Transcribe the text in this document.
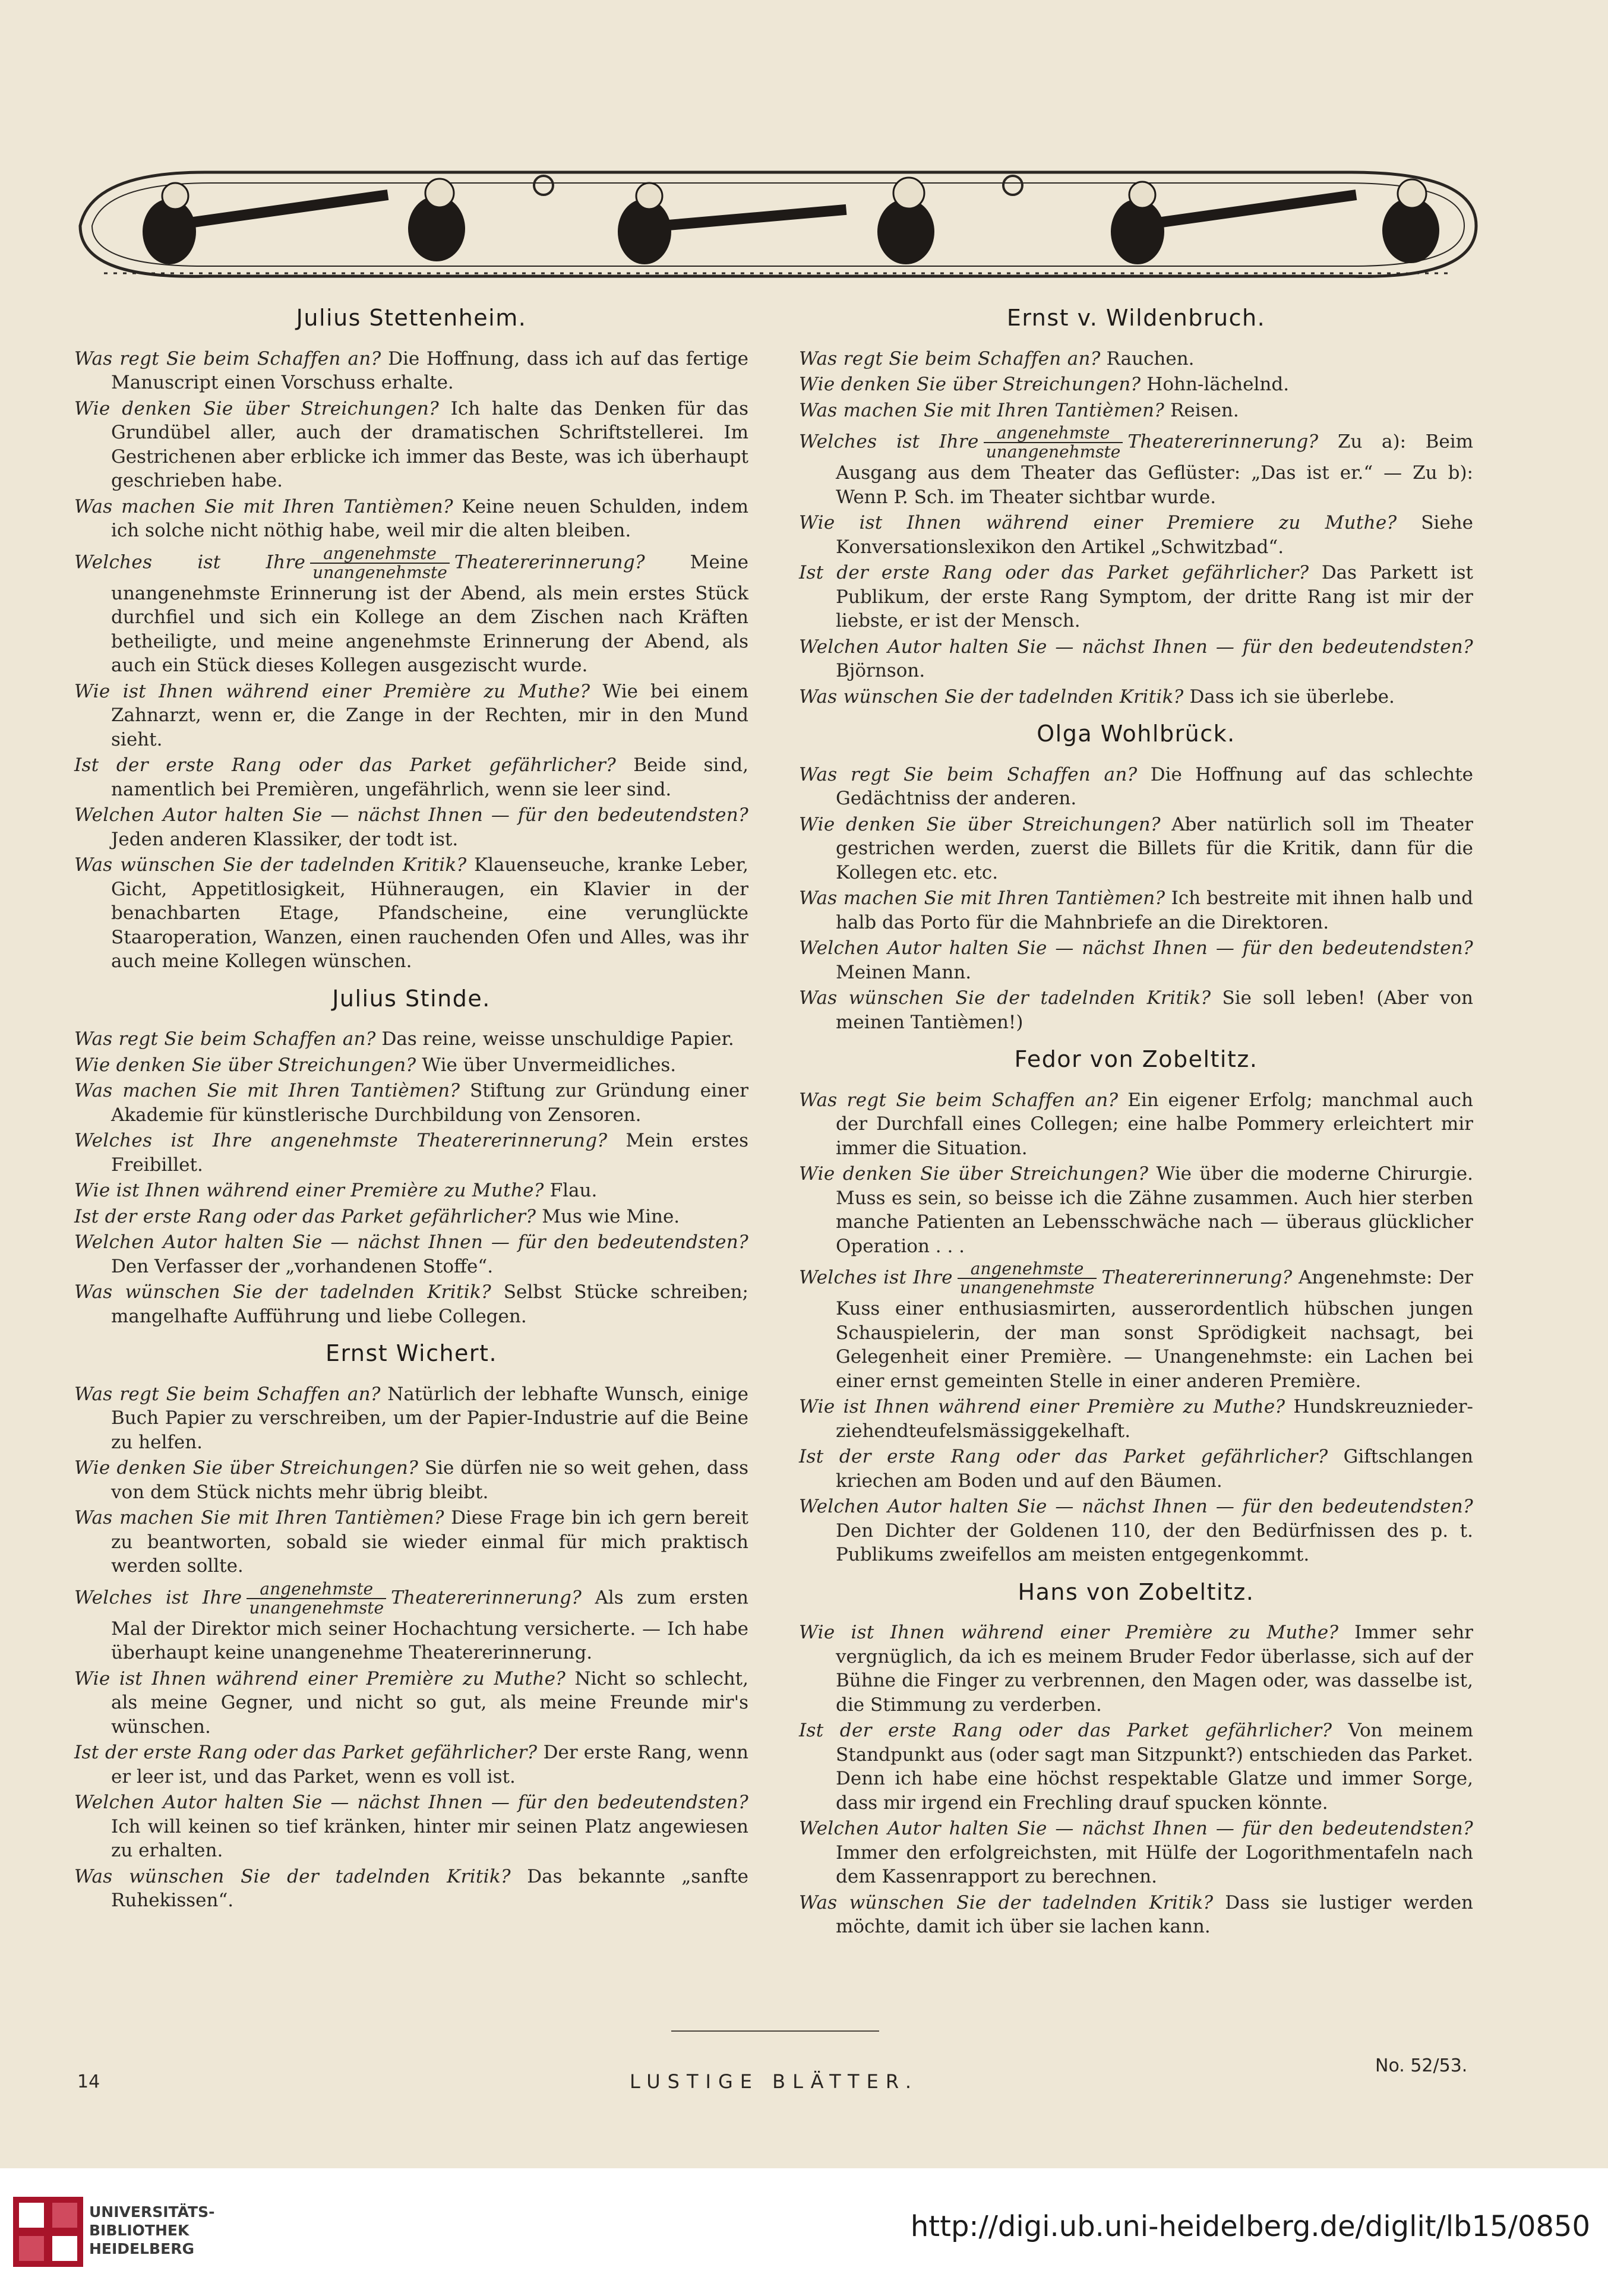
Julius Stettenheim.

Was regt Sie beim Schaffen an? Die Hoffnung, dass ich auf das fertige Manuscript einen Vorschuss erhalte.

Wie denken Sie über Streichungen? Ich halte das Denken für das Grundübel aller, auch der dramatischen Schriftstellerei. Im Gestrichenen aber erblicke ich immer das Beste, was ich überhaupt geschrieben habe.

Was machen Sie mit Ihren Tantièmen? Keine neuen Schulden, indem ich solche nicht nöthig habe, weil mir die alten bleiben.

Welches ist Ihre $\frac{\text{angenehmste}}{\text{unangenehmste}}$ Theatererinnerung? Meine unangenehmste Erinnerung ist der Abend, als mein erstes Stück durchfiel und sich ein Kollege an dem Zischen nach Kräften betheiligte, und meine angenehmste Erinnerung der Abend, als auch ein Stück dieses Kollegen ausgezischt wurde.

Wie ist Ihnen während einer Première zu Muthe? Wie bei einem Zahnarzt, wenn er, die Zange in der Rechten, mir in den Mund sieht.

Ist der erste Rang oder das Parket gefährlicher? Beide sind, namentlich bei Premièren, ungefährlich, wenn sie leer sind.

Welchen Autor halten Sie — nächst Ihnen — für den bedeutendsten? Jeden anderen Klassiker, der todt ist.

Was wünschen Sie der tadelnden Kritik? Klauenseuche, kranke Leber, Gicht, Appetitlosigkeit, Hühneraugen, ein Klavier in der benachbarten Etage, Pfandscheine, eine verunglückte Staaroperation, Wanzen, einen rauchenden Ofen und Alles, was ihr auch meine Kollegen wünschen.

Julius Stinde.

Was regt Sie beim Schaffen an? Das reine, weisse unschuldige Papier.

Wie denken Sie über Streichungen? Wie über Unvermeidliches.

Was machen Sie mit Ihren Tantièmen? Stiftung zur Gründung einer Akademie für künstlerische Durchbildung von Zensoren.

Welches ist Ihre angenehmste Theatererinnerung? Mein erstes Freibillet.

Wie ist Ihnen während einer Première zu Muthe? Flau.

Ist der erste Rang oder das Parket gefährlicher? Mus wie Mine.

Welchen Autor halten Sie — nächst Ihnen — für den bedeutendsten? Den Verfasser der „vorhandenen Stoffe“.

Was wünschen Sie der tadelnden Kritik? Selbst Stücke schreiben; mangelhafte Aufführung und liebe Collegen.

Ernst Wichert.

Was regt Sie beim Schaffen an? Natürlich der lebhafte Wunsch, einige Buch Papier zu verschreiben, um der Papier-Industrie auf die Beine zu helfen.

Wie denken Sie über Streichungen? Sie dürfen nie so weit gehen, dass von dem Stück nichts mehr übrig bleibt.

Was machen Sie mit Ihren Tantièmen? Diese Frage bin ich gern bereit zu beantworten, sobald sie wieder einmal für mich praktisch werden sollte.

Welches ist Ihre $\frac{\text{angenehmste}}{\text{unangenehmste}}$ Theatererinnerung? Als zum ersten Mal der Direktor mich seiner Hochachtung versicherte. — Ich habe überhaupt keine unangenehme Theatererinnerung.

Wie ist Ihnen während einer Première zu Muthe? Nicht so schlecht, als meine Gegner, und nicht so gut, als meine Freunde mir's wünschen.

Ist der erste Rang oder das Parket gefährlicher? Der erste Rang, wenn er leer ist, und das Parket, wenn es voll ist.

Welchen Autor halten Sie — nächst Ihnen — für den bedeutendsten? Ich will keinen so tief kränken, hinter mir seinen Platz angewiesen zu erhalten.

Was wünschen Sie der tadelnden Kritik? Das bekannte „sanfte Ruhekissen“.

Ernst v. Wildenbruch.

Was regt Sie beim Schaffen an? Rauchen.

Wie denken Sie über Streichungen? Hohn-lächelnd.

Was machen Sie mit Ihren Tantièmen? Reisen.

Welches ist Ihre $\frac{\text{angenehmste}}{\text{unangenehmste}}$ Theatererinnerung? Zu a): Beim Ausgang aus dem Theater das Geflüster: „Das ist er.“ — Zu b): Wenn P. Sch. im Theater sichtbar wurde.

Wie ist Ihnen während einer Premiere zu Muthe? Siehe Konversationslexikon den Artikel „Schwitzbad“.

Ist der erste Rang oder das Parket gefährlicher? Das Parkett ist Publikum, der erste Rang Symptom, der dritte Rang ist mir der liebste, er ist der Mensch.

Welchen Autor halten Sie — nächst Ihnen — für den bedeutendsten? Björnson.

Was wünschen Sie der tadelnden Kritik? Dass ich sie überlebe.

Olga Wohlbrück.

Was regt Sie beim Schaffen an? Die Hoffnung auf das schlechte Gedächtniss der anderen.

Wie denken Sie über Streichungen? Aber natürlich soll im Theater gestrichen werden, zuerst die Billets für die Kritik, dann für die Kollegen etc. etc.

Was machen Sie mit Ihren Tantièmen? Ich bestreite mit ihnen halb und halb das Porto für die Mahnbriefe an die Direktoren.

Welchen Autor halten Sie — nächst Ihnen — für den bedeutendsten? Meinen Mann.

Was wünschen Sie der tadelnden Kritik? Sie soll leben! (Aber von meinen Tantièmen!)

Fedor von Zobeltitz.

Was regt Sie beim Schaffen an? Ein eigener Erfolg; manchmal auch der Durchfall eines Collegen; eine halbe Pommery erleichtert mir immer die Situation.

Wie denken Sie über Streichungen? Wie über die moderne Chirurgie. Muss es sein, so beisse ich die Zähne zusammen. Auch hier sterben manche Patienten an Lebensschwäche nach — überaus glücklicher Operation . . .

Welches ist Ihre $\frac{\text{angenehmste}}{\text{unangenehmste}}$ Theatererinnerung? Angenehmste: Der Kuss einer enthusiasmirten, ausserordentlich hübschen jungen Schauspielerin, der man sonst Sprödigkeit nachsagt, bei Gelegenheit einer Première. — Unangenehmste: ein Lachen bei einer ernst gemeinten Stelle in einer anderen Première.

Wie ist Ihnen während einer Première zu Muthe? Hundskreuznieder-ziehendteufelsmässiggekelhaft.

Ist der erste Rang oder das Parket gefährlicher? Giftschlangen kriechen am Boden und auf den Bäumen.

Welchen Autor halten Sie — nächst Ihnen — für den bedeutendsten? Den Dichter der Goldenen 110, der den Bedürfnissen des p. t. Publikums zweifellos am meisten entgegenkommt.

Hans von Zobeltitz.

Wie ist Ihnen während einer Première zu Muthe? Immer sehr vergnüglich, da ich es meinem Bruder Fedor überlasse, sich auf der Bühne die Finger zu verbrennen, den Magen oder, was dasselbe ist, die Stimmung zu verderben.

Ist der erste Rang oder das Parket gefährlicher? Von meinem Standpunkt aus (oder sagt man Sitzpunkt?) entschieden das Parket. Denn ich habe eine höchst respektable Glatze und immer Sorge, dass mir irgend ein Frechling drauf spucken könnte.

Welchen Autor halten Sie — nächst Ihnen — für den bedeutendsten? Immer den erfolgreichsten, mit Hülfe der Logorithmentafeln nach dem Kassenrapport zu berechnen.

Was wünschen Sie der tadelnden Kritik? Dass sie lustiger werden möchte, damit ich über sie lachen kann.

14	LUSTIGE BLÄTTER.
No. 52/53.
UNIVERSITÄTS-
BIBLIOTHEK
HEIDELBERG
http://digi.ub.uni-heidelberg.de/diglit/lb15/0850
